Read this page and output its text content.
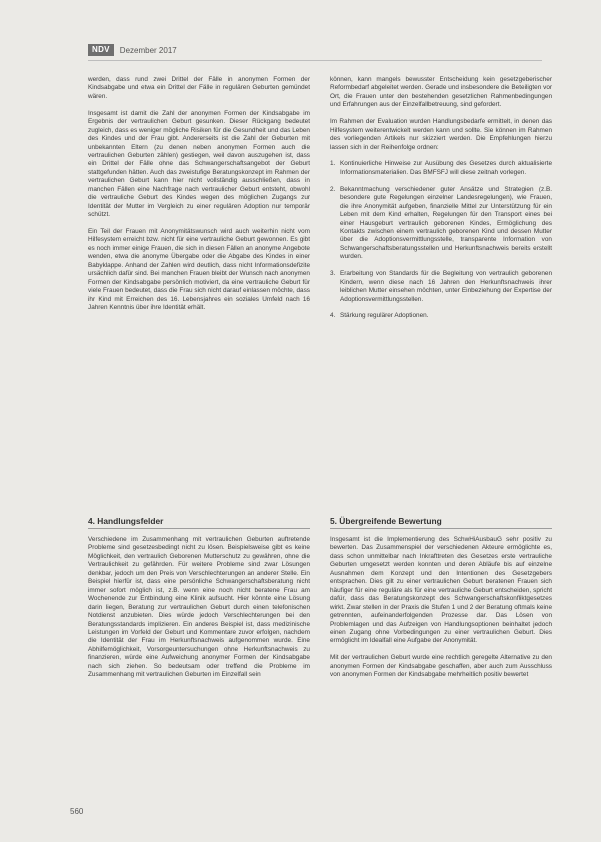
NDV	Dezember 2017

werden, dass rund zwei Drittel der Fälle in anonymen Formen der Kindsabgabe und etwa ein Drittel der Fälle in regulären Geburten gemündet wären.

Insgesamt ist damit die Zahl der anonymen Formen der Kindsabgabe im Ergebnis der vertraulichen Geburt gesunken. Dieser Rückgang bedeutet zugleich, dass es weniger mögliche Risiken für die Gesundheit und das Leben des Kindes und der Frau gibt. Andererseits ist die Zahl der Geburten mit unbekannten Eltern (zu denen neben anonymen Formen auch die vertraulichen Geburten zählen) gestiegen, weil davon auszugehen ist, dass ein Drittel der Fälle ohne das Schwangerschaftsangebot der Geburt stattgefunden hätten. Auch das zweistufige Beratungskonzept im Rahmen der vertraulichen Geburt kann hier nicht vollständig ausschließen, dass in manchen Fällen eine Nachfrage nach vertraulicher Geburt entsteht, obwohl die vertrauliche Geburt des Kindes wegen des möglichen Zugangs zur Identität der Mutter im Vergleich zu einer regulären Adoption nur temporär schützt.

Ein Teil der Frauen mit Anonymitätswunsch wird auch weiterhin nicht vom Hilfesystem erreicht bzw. nicht für eine vertrauliche Geburt gewonnen. Es gibt es noch immer einige Frauen, die sich in diesen Fällen an anonyme Angebote wenden, etwa die anonyme Übergabe oder die Abgabe des Kindes in einer Babyklappe. Anhand der Zahlen wird deutlich, dass nicht Informationsdefizite ursächlich dafür sind. Bei manchen Frauen bleibt der Wunsch nach anonymen Formen der Kindsabgabe persönlich motiviert, da eine vertrauliche Geburt für viele Frauen bedeutet, dass die Frau sich nicht darauf einlassen möchte, dass ihr Kind mit Erreichen des 16. Lebensjahres ein soziales Umfeld nach 16 Jahren Kenntnis über ihre Identität erhält.

können, kann mangels bewusster Entscheidung kein gesetzgeberischer Reformbedarf abgeleitet werden. Gerade und insbesondere die Beteiligten vor Ort, die Frauen unter den bestehenden gesetzlichen Rahmenbedingungen und Erfahrungen aus der Einzelfallbetreuung, sind gefordert.

Im Rahmen der Evaluation wurden Handlungsbedarfe ermittelt, in denen das Hilfesystem weiterentwickelt werden kann und sollte. Sie können im Rahmen des vorliegenden Artikels nur skizziert werden. Die Empfehlungen hierzu lassen sich in der Reihenfolge ordnen:

1. Kontinuierliche Hinweise zur Ausübung des Gesetzes durch aktualisierte Informationsmaterialien. Das BMFSFJ will diese zeitnah vorlegen.
2. Bekanntmachung verschiedener guter Ansätze und Strategien (z.B. besondere gute Regelungen einzelner Landesregelungen), wie Frauen, die ihre Anonymität aufgeben, finanzielle Mittel zur Unterstützung für ein Leben mit dem Kind erhalten, Regelungen für den Transport eines bei einer Hausgeburt vertraulich geborenen Kindes, Ermöglichung des Kontakts zwischen einem vertraulich geborenen Kind und dessen Mutter über die Adoptionsvermittlungsstelle, transparente Information von Schwangerschaftsberatungsstellen und Herkunftsnachweis bereits erstellt wurden.
3. Erarbeitung von Standards für die Begleitung von vertraulich geborenen Kindern, wenn diese nach 16 Jahren den Herkunftsnachweis ihrer leiblichen Mutter einsehen möchten, unter Einbeziehung der Expertise der Adoptionsvermittlungsstellen.
4. Stärkung regulärer Adoptionen.
4. Handlungsfelder	5. Übergreifende Bewertung

Verschiedene im Zusammenhang mit vertraulichen Geburten auftretende Probleme sind gesetzesbedingt nicht zu lösen. Beispielsweise gibt es keine Möglichkeit, den vertraulich Geborenen Mutterschutz zu gewähren, ohne die Vertraulichkeit zu gefährden. Für weitere Probleme sind zwar Lösungen denkbar, jedoch um den Preis von Verschlechterungen an anderer Stelle. Ein Beispiel hierfür ist, dass eine persönliche Schwangerschaftsberatung nicht immer sofort möglich ist, z.B. wenn eine noch nicht beratene Frau am Wochenende zur Entbindung eine Klinik aufsucht. Hier könnte eine Lösung darin liegen, Beratung zur vertraulichen Geburt durch einen telefonischen Notdienst anzubieten. Dies würde jedoch Verschlechterungen bei den Beratungsstandards implizieren. Ein anderes Beispiel ist, dass medizinische Leistungen im Vorfeld der Geburt und Kommentare zuvor erfolgen, nachdem die Identität der Frau im Herkunftsnachweis aufgenommen wurde. Eine Abhilfemöglichkeit, Vorsorgeuntersuchungen ohne Herkunftsnachweis zu finanzieren, würde eine Aufweichung anonymer Formen der Kindsabgabe nach sich ziehen. So bedeutsam oder treffend die Probleme im Zusammenhang mit vertraulichen Geburten im Einzelfall sein

Insgesamt ist die Implementierung des SchwHiAusbauG sehr positiv zu bewerten. Das Zusammenspiel der verschiedenen Akteure ermöglichte es, dass schon unmittelbar nach Inkrafttreten des Gesetzes erste vertrauliche Geburten umgesetzt werden konnten und deren Abläufe bis auf einzelne Ausnahmen dem Konzept und den Intentionen des Gesetzgebers entsprachen. Dies gilt zu einer vertraulichen Geburt beratenen Frauen sich häufiger für eine reguläre als für eine vertrauliche Geburt entscheiden, spricht dafür, dass das Beratungskonzept des Schwangerschaftskonfliktgesetzes wirkt. Zwar stellen in der Praxis die Stufen 1 und 2 der Beratung oftmals keine getrennten, aufeinanderfolgenden Prozesse dar. Das Lösen von Problemlagen und das Aufzeigen von Handlungsoptionen beinhaltet jedoch einen Zugang ohne Vorbedingungen zu einer vertraulichen Geburt. Dies ermöglicht im Idealfall eine Aufgabe der Anonymität.

Mit der vertraulichen Geburt wurde eine rechtlich geregelte Alternative zu den anonymen Formen der Kindsabgabe geschaffen, aber auch zum Ausschluss von anonymen Formen der Kindsabgabe mehrheitlich positiv bewertet

560
